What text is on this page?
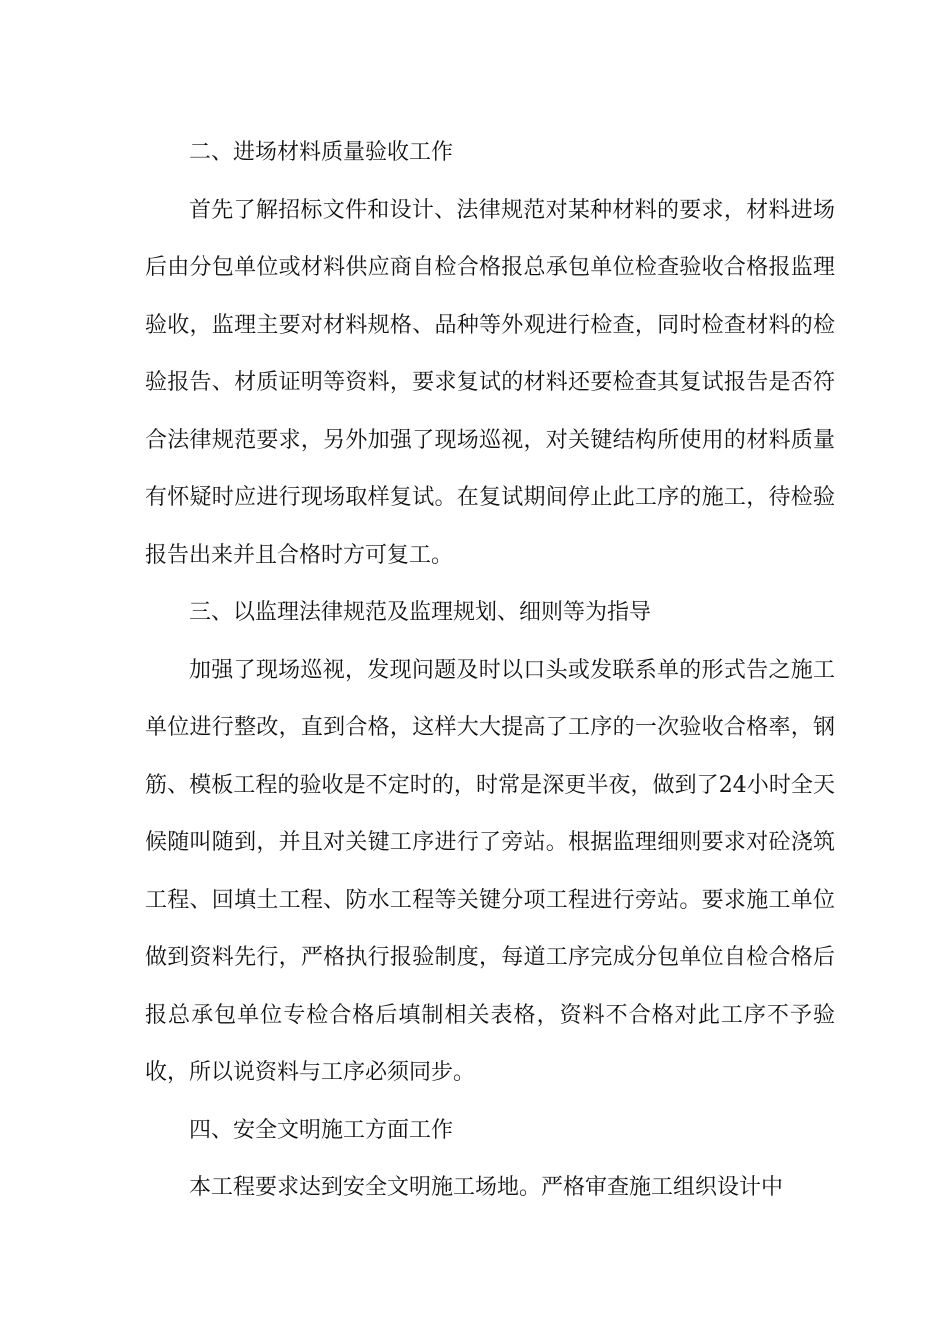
二、进场材料质量验收工作

首先了解招标文件和设计、法律规范对某种材料的要求，材料进场后由分包单位或材料供应商自检合格报总承包单位检查验收合格报监理验收，监理主要对材料规格、品种等外观进行检查，同时检查材料的检验报告、材质证明等资料，要求复试的材料还要检查其复试报告是否符合法律规范要求，另外加强了现场巡视，对关键结构所使用的材料质量有怀疑时应进行现场取样复试。在复试期间停止此工序的施工，待检验报告出来并且合格时方可复工。

三、以监理法律规范及监理规划、细则等为指导

加强了现场巡视，发现问题及时以口头或发联系单的形式告之施工单位进行整改，直到合格，这样大大提高了工序的一次验收合格率，钢筋、模板工程的验收是不定时的，时常是深更半夜，做到了24小时全天候随叫随到，并且对关键工序进行了旁站。根据监理细则要求对砼浇筑工程、回填土工程、防水工程等关键分项工程进行旁站。要求施工单位做到资料先行，严格执行报验制度，每道工序完成分包单位自检合格后报总承包单位专检合格后填制相关表格，资料不合格对此工序不予验收，所以说资料与工序必须同步。

四、安全文明施工方面工作

本工程要求达到安全文明施工场地。严格审查施工组织设计中
